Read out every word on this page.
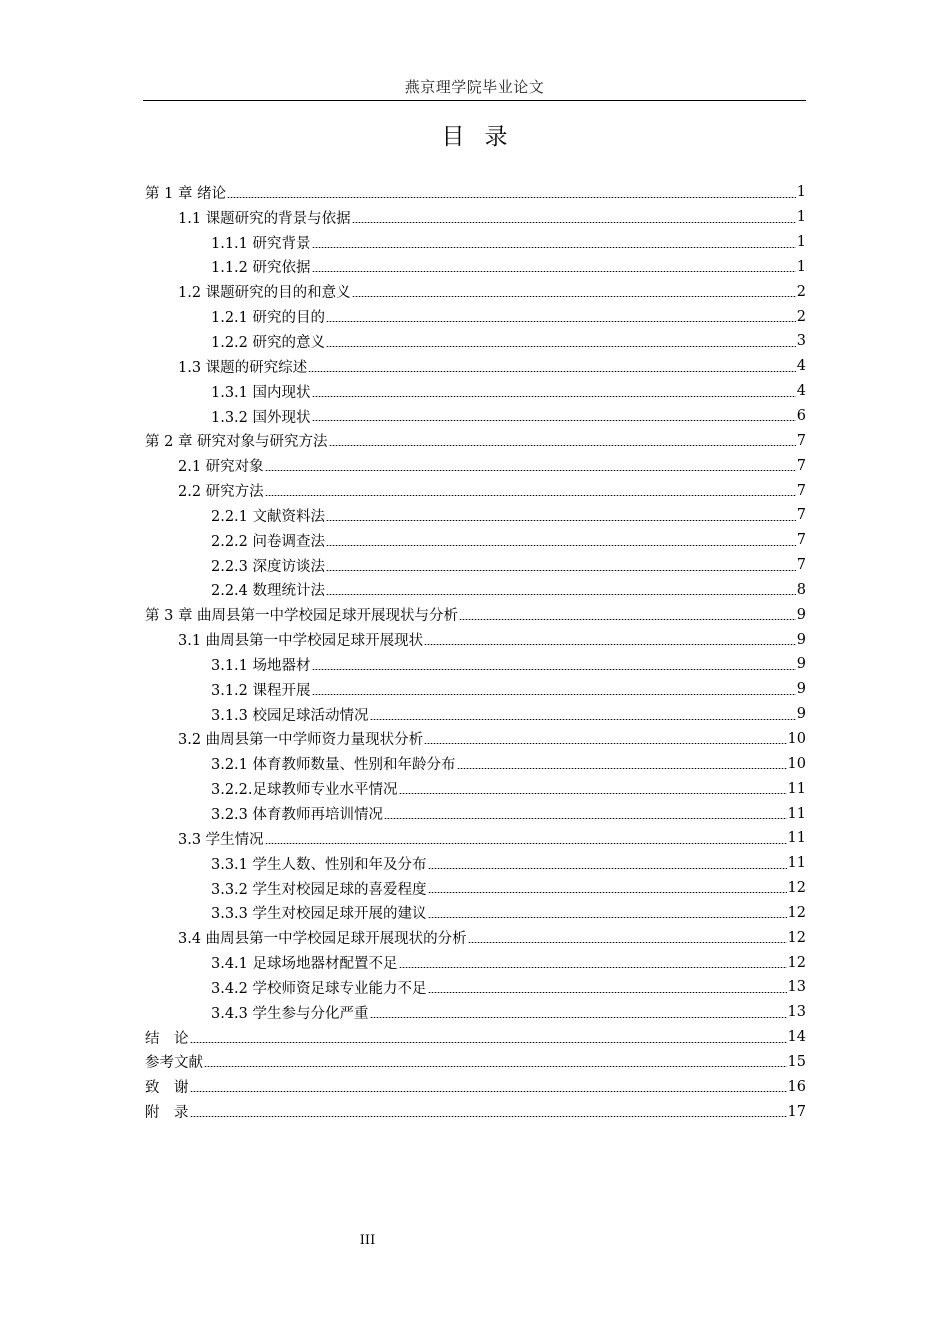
燕京理学院毕业论文
目录
第 1 章 绪论	1
1.1 课题研究的背景与依据	1
1.1.1 研究背景	1
1.1.2 研究依据	1
1.2 课题研究的目的和意义	2
1.2.1 研究的目的	2
1.2.2 研究的意义	3
1.3 课题的研究综述	4
1.3.1 国内现状	4
1.3.2 国外现状	6
第 2 章 研究对象与研究方法	7
2.1 研究对象	7
2.2 研究方法	7
2.2.1 文献资料法	7
2.2.2 问卷调查法	7
2.2.3 深度访谈法	7
2.2.4 数理统计法	8
第 3 章 曲周县第一中学校园足球开展现状与分析	9
3.1 曲周县第一中学校园足球开展现状	9
3.1.1 场地器材	9
3.1.2 课程开展	9
3.1.3 校园足球活动情况	9
3.2 曲周县第一中学师资力量现状分析	10
3.2.1 体育教师数量、性别和年龄分布	10
3.2.2.足球教师专业水平情况	11
3.2.3 体育教师再培训情况	11
3.3 学生情况	11
3.3.1 学生人数、性别和年及分布	11
3.3.2 学生对校园足球的喜爱程度	12
3.3.3 学生对校园足球开展的建议	12
3.4 曲周县第一中学校园足球开展现状的分析	12
3.4.1 足球场地器材配置不足	12
3.4.2 学校师资足球专业能力不足	13
3.4.3 学生参与分化严重	13
结　论	14
参考文献	15
致　谢	16
附　录	17
III
